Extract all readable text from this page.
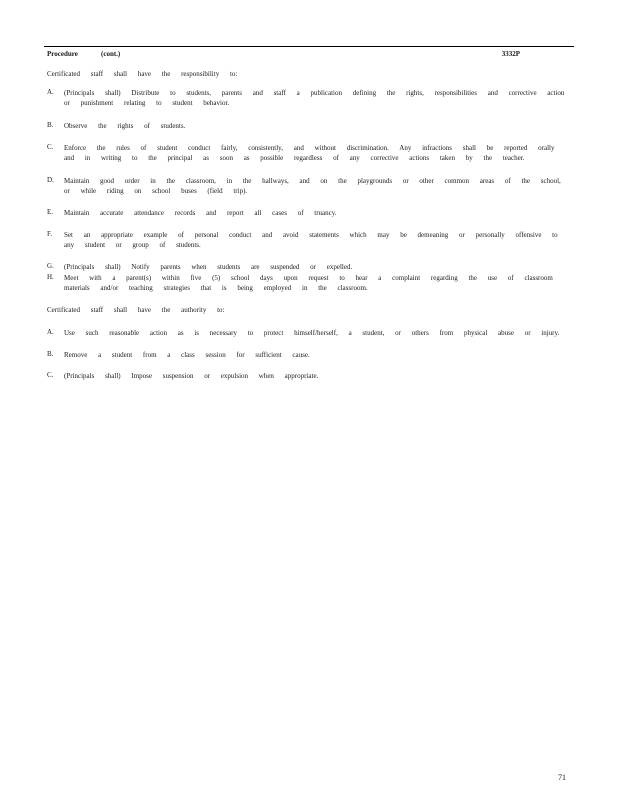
Procedure	(cont.)	3332P
Certificated staff shall have the responsibility to:
A. (Principals shall) Distribute to students, parents and staff a publication defining the rights, responsibilities and corrective action or punishment relating to student behavior.
B. Observe the rights of students.
C. Enforce the rules of student conduct fairly, consistently, and without discrimination. Any infractions shall be reported orally and in writing to the principal as soon as possible regardless of any corrective actions taken by the teacher.
D. Maintain good order in the classroom, in the hallways, and on the playgrounds or other common areas of the school, or while riding on school buses (field trip).
E. Maintain accurate attendance records and report all cases of truancy.
F. Set an appropriate example of personal conduct and avoid statements which may be demeaning or personally offensive to any student or group of students.
G. (Principals shall) Notify parents when students are suspended or expelled.
H. Meet with a parent(s) within five (5) school days upon request to hear a complaint regarding the use of classroom materials and/or teaching strategies that is being employed in the classroom.
Certificated staff shall have the authority to:
A. Use such reasonable action as is necessary to protect himself/herself, a student, or others from physical abuse or injury.
B. Remove a student from a class session for sufficient cause.
C. (Principals shall) Impose suspension or expulsion when appropriate.
71
